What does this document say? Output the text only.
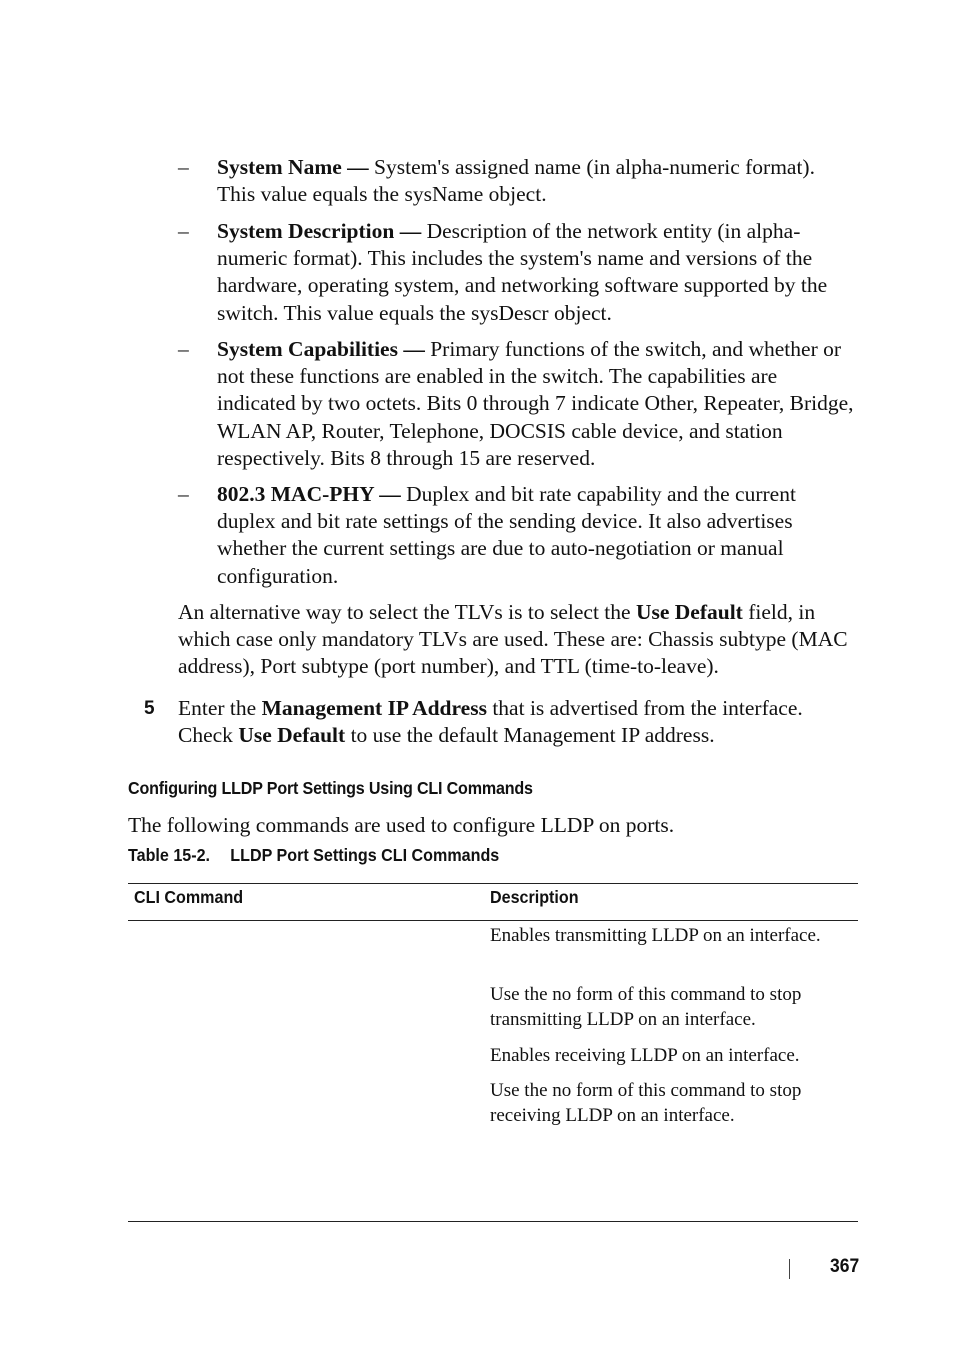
– System Name — System's assigned name (in alpha-numeric format). This value equals the sysName object.
– System Description — Description of the network entity (in alpha-numeric format). This includes the system's name and versions of the hardware, operating system, and networking software supported by the switch. This value equals the sysDescr object.
– System Capabilities — Primary functions of the switch, and whether or not these functions are enabled in the switch. The capabilities are indicated by two octets. Bits 0 through 7 indicate Other, Repeater, Bridge, WLAN AP, Router, Telephone, DOCSIS cable device, and station respectively. Bits 8 through 15 are reserved.
– 802.3 MAC-PHY — Duplex and bit rate capability and the current duplex and bit rate settings of the sending device. It also advertises whether the current settings are due to auto-negotiation or manual configuration.
An alternative way to select the TLVs is to select the Use Default field, in which case only mandatory TLVs are used. These are: Chassis subtype (MAC address), Port subtype (port number), and TTL (time-to-leave).
5 Enter the Management IP Address that is advertised from the interface. Check Use Default to use the default Management IP address.
Configuring LLDP Port Settings Using CLI Commands
The following commands are used to configure LLDP on ports.
Table 15-2. LLDP Port Settings CLI Commands
CLI Command	Description
Enables transmitting LLDP on an interface.
Use the no form of this command to stop transmitting LLDP on an interface.
Enables receiving LLDP on an interface.
Use the no form of this command to stop receiving LLDP on an interface.
367
